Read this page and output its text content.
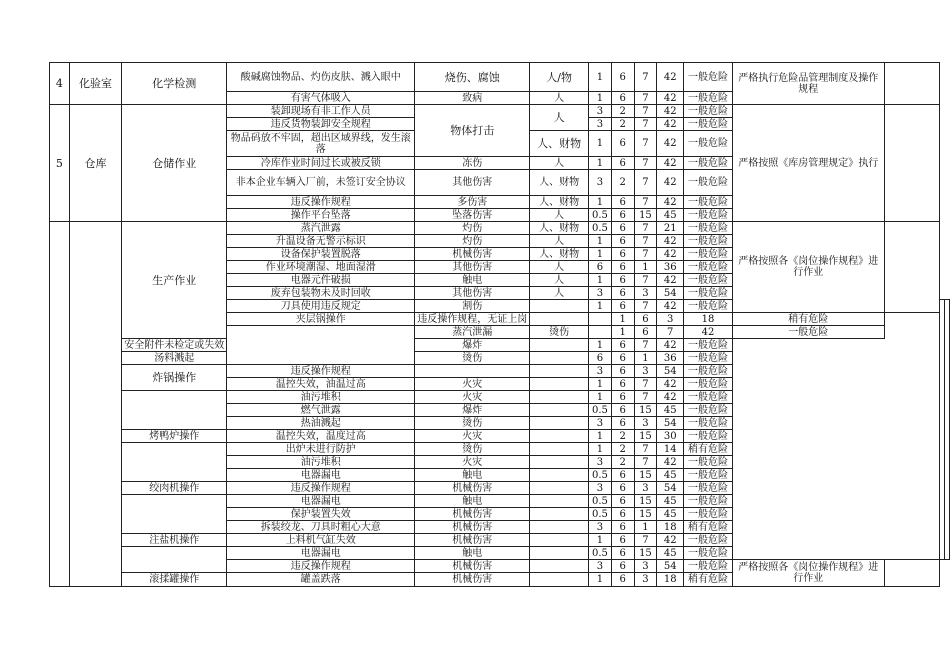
4	化验室	化学检测	酸碱腐蚀物品、灼伤皮肤、溅入眼中	烧伤、腐蚀	人/物	1	6	7	42	一般危险	严格执行危险品管理制度及操作规程			
			有害气体吸入	致病	人	1	6	7	42	一般危险				
5	仓库	仓储作业	装卸现场有非工作人员	物体打击	人	3	2	7	42	一般危险	严格按照《库房管理规定》执行			
			违反货物装卸安全规程			3	2	7	42	一般危险				
			物品码放不牢固，超出区域界线，发生滚落		人、财物	1	6	7	42	一般危险				
			冷库作业时间过长或被反锁	冻伤	人	1	6	7	42	一般危险				
			非本企业车辆入厂前，未签订安全协议	其他伤害	人、财物	3	2	7	42	一般危险				
			违反操作规程	多伤害	人、财物	1	6	7	42	一般危险				
			操作平台坠落	坠落伤害	人	0.5	6	15	45	一般危险				
		生产作业	蒸汽泄露	灼伤	人、财物	0.5	6	7	21	一般危险	严格按照各《岗位操作规程》进行作业			
			升温设备无警示标识	灼伤	人	1	6	7	42	一般危险				
			设备保护装置脱落	机械伤害	人、财物	1	6	7	42	一般危险				
			作业环境潮湿、地面湿滑	其他伤害	人	6	6	1	36	一般危险				
			电器元件破损	触电	人	1	6	7	42	一般危险				
			废弃包装物未及时回收	其他伤害	人	3	6	3	54	一般危险				
			刀具使用违反规定	割伤		1	6	7	42	一般危险				
			夹层锅操作	违反操作规程，无证上岗			1	6	3	18	稍有危险			
				蒸汽泄漏	烫伤		1	6	7	42	一般危险			
		安全附件未检定或失效		爆炸		1	6	7	42	一般危险				
		汤料溅起		烫伤		6	6	1	36	一般危险				
		炸锅操作	违反操作规程			3	6	3	54	一般危险				
			温控失效，油温过高	火灾		1	6	7	42	一般危险				
			油污堆积	火灾		1	6	7	42	一般危险				
			燃气泄露	爆炸		0.5	6	15	45	一般危险				
			热油溅起	烫伤		3	6	3	54	一般危险				
		烤鸭炉操作	温控失效，温度过高	火灾		1	2	15	30	一般危险				
			出炉未进行防护	烫伤		1	2	7	14	稍有危险				
			油污堆积	火灾		3	2	7	42	一般危险				
			电器漏电	触电		0.5	6	15	45	一般危险				
		绞肉机操作	违反操作规程	机械伤害		3	6	3	54	一般危险				
			电器漏电	触电		0.5	6	15	45	一般危险				
			保护装置失效	机械伤害		0.5	6	15	45	一般危险				
			拆装绞龙、刀具时粗心大意	机械伤害		3	6	1	18	稍有危险				
		注盐机操作	上料机气缸失效	机械伤害		1	6	7	42	一般危险				
			电器漏电	触电		0.5	6	15	45	一般危险				
			违反操作规程	机械伤害		3	6	3	54	一般危险	严格按照各《岗位操作规程》进行作业			
		滚揉罐操作	罐盖跌落	机械伤害		1	6	3	18	稍有危险				
